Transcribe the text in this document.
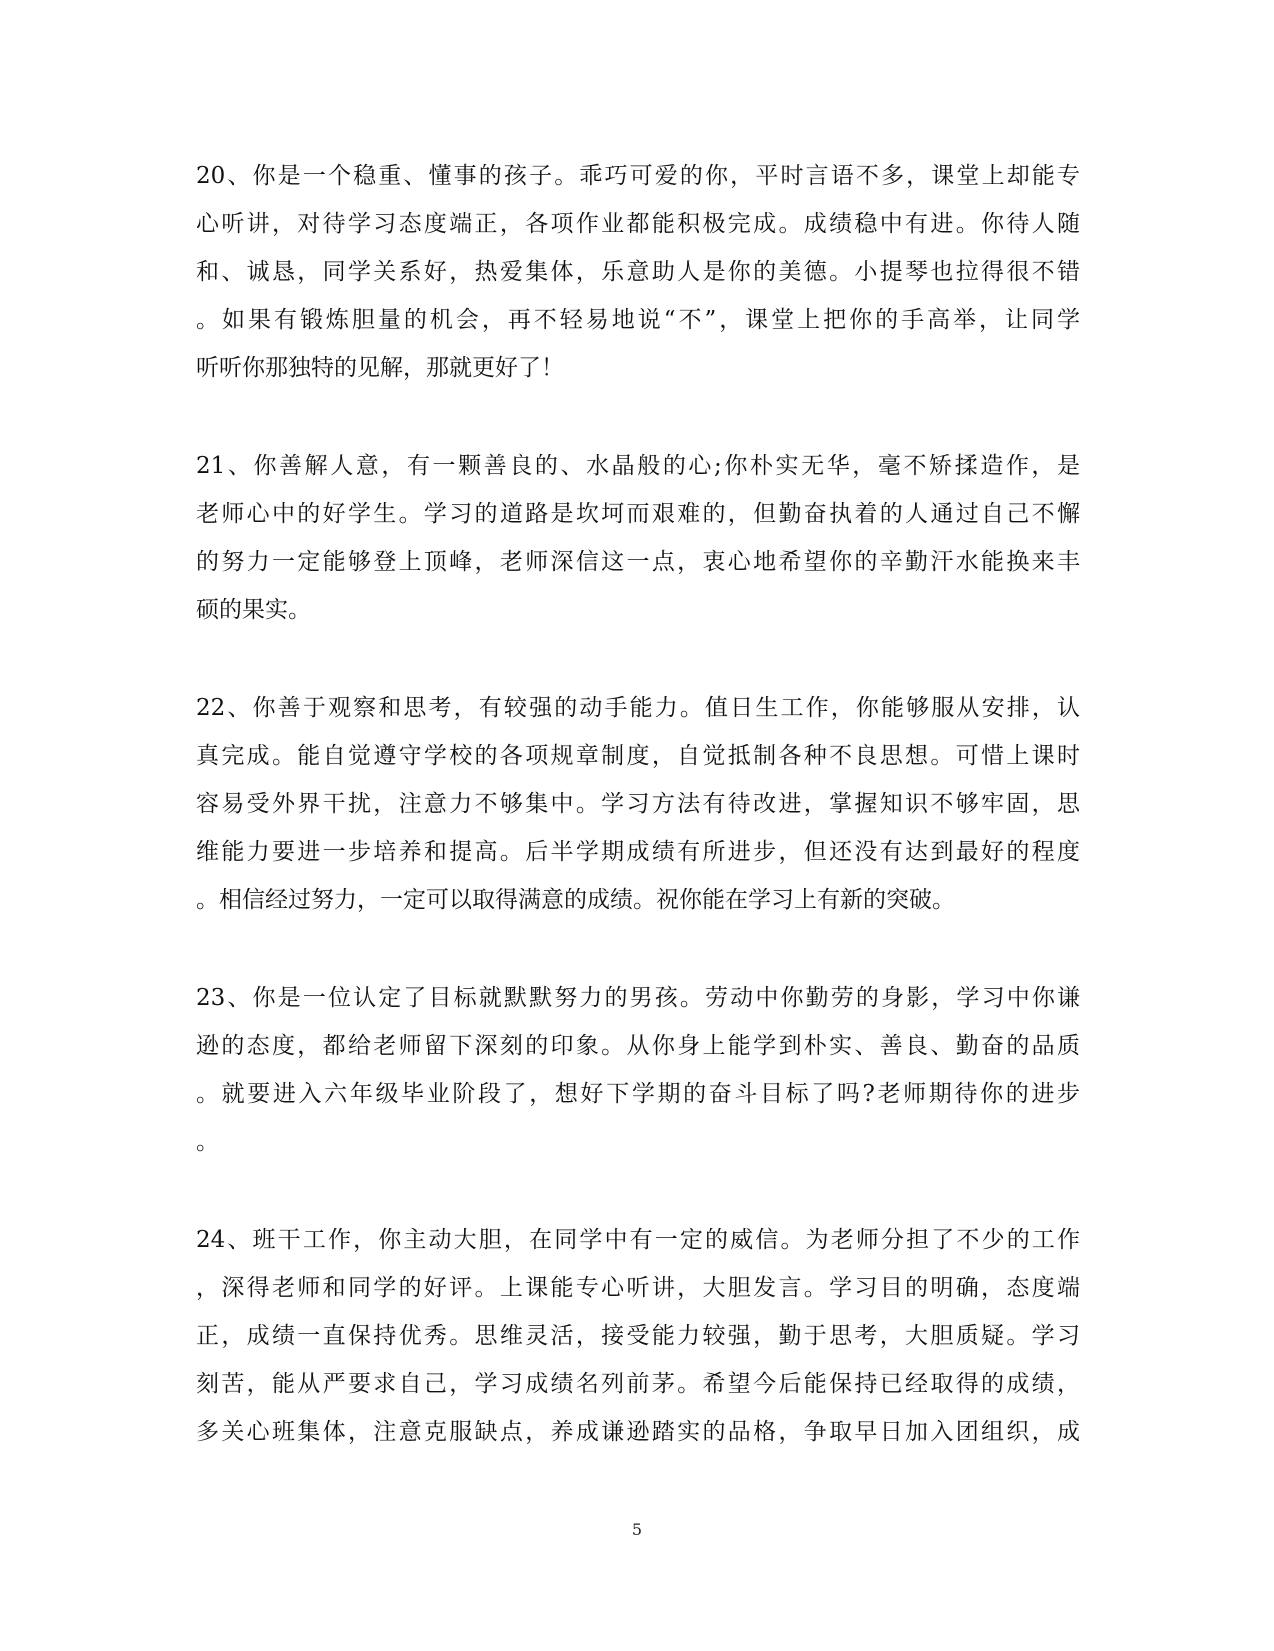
20、你是一个稳重、懂事的孩子。乖巧可爱的你，平时言语不多，课堂上却能专
心听讲，对待学习态度端正，各项作业都能积极完成。成绩稳中有进。你待人随
和、诚恳，同学关系好，热爱集体，乐意助人是你的美德。小提琴也拉得很不错
。如果有锻炼胆量的机会，再不轻易地说“不”，课堂上把你的手高举，让同学
听听你那独特的见解，那就更好了！
21、你善解人意，有一颗善良的、水晶般的心;你朴实无华，毫不矫揉造作，是
老师心中的好学生。学习的道路是坎坷而艰难的，但勤奋执着的人通过自己不懈
的努力一定能够登上顶峰，老师深信这一点，衷心地希望你的辛勤汗水能换来丰
硕的果实。
22、你善于观察和思考，有较强的动手能力。值日生工作，你能够服从安排，认
真完成。能自觉遵守学校的各项规章制度，自觉抵制各种不良思想。可惜上课时
容易受外界干扰，注意力不够集中。学习方法有待改进，掌握知识不够牢固，思
维能力要进一步培养和提高。后半学期成绩有所进步，但还没有达到最好的程度
。相信经过努力，一定可以取得满意的成绩。祝你能在学习上有新的突破。
23、你是一位认定了目标就默默努力的男孩。劳动中你勤劳的身影，学习中你谦
逊的态度，都给老师留下深刻的印象。从你身上能学到朴实、善良、勤奋的品质
。就要进入六年级毕业阶段了，想好下学期的奋斗目标了吗?老师期待你的进步
。
24、班干工作，你主动大胆，在同学中有一定的威信。为老师分担了不少的工作
，深得老师和同学的好评。上课能专心听讲，大胆发言。学习目的明确，态度端
正，成绩一直保持优秀。思维灵活，接受能力较强，勤于思考，大胆质疑。学习
刻苦，能从严要求自己，学习成绩名列前茅。希望今后能保持已经取得的成绩，
多关心班集体，注意克服缺点，养成谦逊踏实的品格，争取早日加入团组织，成
5
